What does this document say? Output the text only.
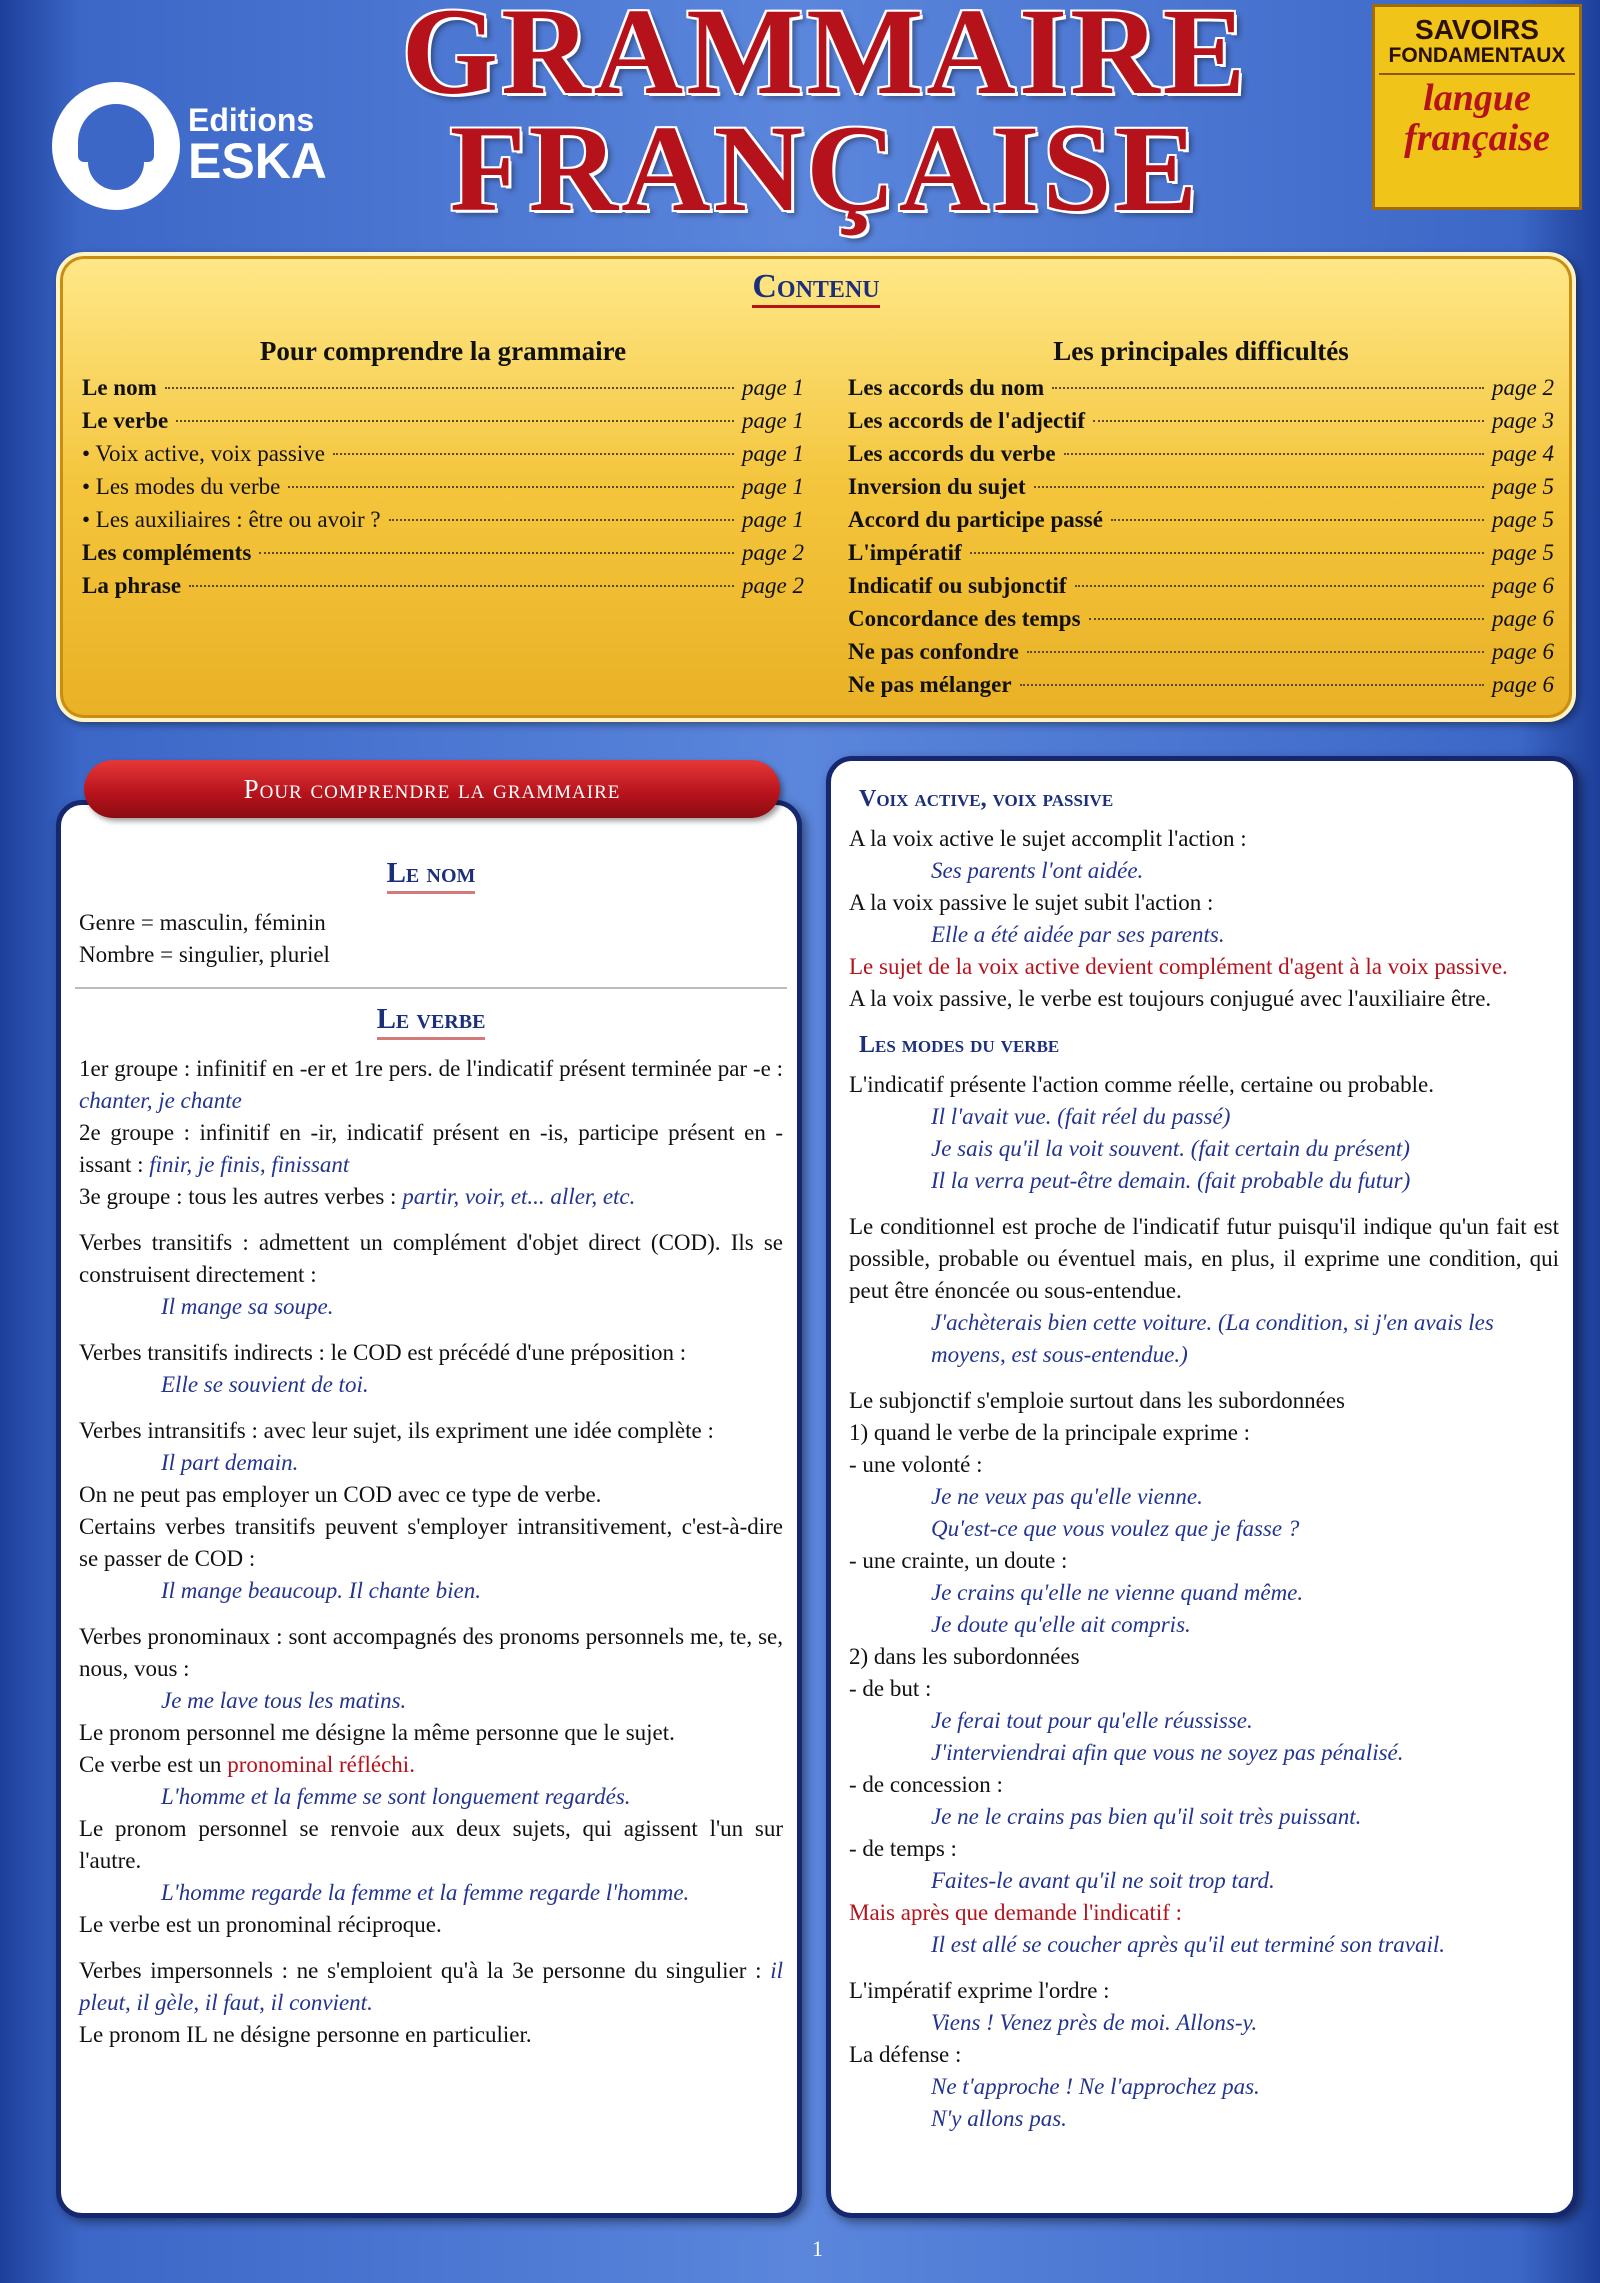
Editions
ESKA
GRAMMAIRE
FRANÇAISE
SAVOIRS
FONDAMENTAUX
langue
française
Contenu
Pour comprendre la grammaire
Le nom	page 1
Le verbe	page 1
• Voix active, voix passive	page 1
• Les modes du verbe	page 1
• Les auxiliaires : être ou avoir ?	page 1
Les compléments	page 2
La phrase	page 2
Les principales difficultés
Les accords du nom	page 2
Les accords de l'adjectif	page 3
Les accords du verbe	page 4
Inversion du sujet	page 5
Accord du participe passé	page 5
L'impératif	page 5
Indicatif ou subjonctif	page 6
Concordance des temps	page 6
Ne pas confondre	page 6
Ne pas mélanger	page 6
Pour comprendre la grammaire
Le nom

Genre = masculin, féminin

Nombre = singulier, pluriel

Le verbe

1er groupe : infinitif en -er et 1re pers. de l'indicatif présent terminée par -e : chanter, je chante

2e groupe : infinitif en -ir, indicatif présent en -is, participe présent en -issant : finir, je finis, finissant

3e groupe : tous les autres verbes : partir, voir, et... aller, etc.

Verbes transitifs : admettent un complément d'objet direct (COD). Ils se construisent directement :

Il mange sa soupe.

Verbes transitifs indirects : le COD est précédé d'une préposition :

Elle se souvient de toi.

Verbes intransitifs : avec leur sujet, ils expriment une idée complète :

Il part demain.

On ne peut pas employer un COD avec ce type de verbe.

Certains verbes transitifs peuvent s'employer intransitivement, c'est-à-dire se passer de COD :

Il mange beaucoup. Il chante bien.

Verbes pronominaux : sont accompagnés des pronoms personnels me, te, se, nous, vous :

Je me lave tous les matins.

Le pronom personnel me désigne la même personne que le sujet.

Ce verbe est un pronominal réfléchi.

L'homme et la femme se sont longuement regardés.

Le pronom personnel se renvoie aux deux sujets, qui agissent l'un sur l'autre.

L'homme regarde la femme et la femme regarde l'homme.

Le verbe est un pronominal réciproque.

Verbes impersonnels : ne s'emploient qu'à la 3e personne du singulier : il pleut, il gèle, il faut, il convient.

Le pronom IL ne désigne personne en particulier.

Voix active, voix passive

A la voix active le sujet accomplit l'action :

Ses parents l'ont aidée.

A la voix passive le sujet subit l'action :

Elle a été aidée par ses parents.

Le sujet de la voix active devient complément d'agent à la voix passive.

A la voix passive, le verbe est toujours conjugué avec l'auxiliaire être.

Les modes du verbe

L'indicatif présente l'action comme réelle, certaine ou probable.

Il l'avait vue. (fait réel du passé)

Je sais qu'il la voit souvent. (fait certain du présent)

Il la verra peut-être demain. (fait probable du futur)

Le conditionnel est proche de l'indicatif futur puisqu'il indique qu'un fait est possible, probable ou éventuel mais, en plus, il exprime une condition, qui peut être énoncée ou sous-entendue.

J'achèterais bien cette voiture. (La condition, si j'en avais les moyens, est sous-entendue.)

Le subjonctif s'emploie surtout dans les subordonnées

1) quand le verbe de la principale exprime :

- une volonté :

Je ne veux pas qu'elle vienne.

Qu'est-ce que vous voulez que je fasse ?

- une crainte, un doute :

Je crains qu'elle ne vienne quand même.

Je doute qu'elle ait compris.

2) dans les subordonnées

- de but :

Je ferai tout pour qu'elle réussisse.

J'interviendrai afin que vous ne soyez pas pénalisé.

- de concession :

Je ne le crains pas bien qu'il soit très puissant.

- de temps :

Faites-le avant qu'il ne soit trop tard.

Mais après que demande l'indicatif :

Il est allé se coucher après qu'il eut terminé son travail.

L'impératif exprime l'ordre :

Viens ! Venez près de moi. Allons-y.

La défense :

Ne t'approche ! Ne l'approchez pas.

N'y allons pas.

1
